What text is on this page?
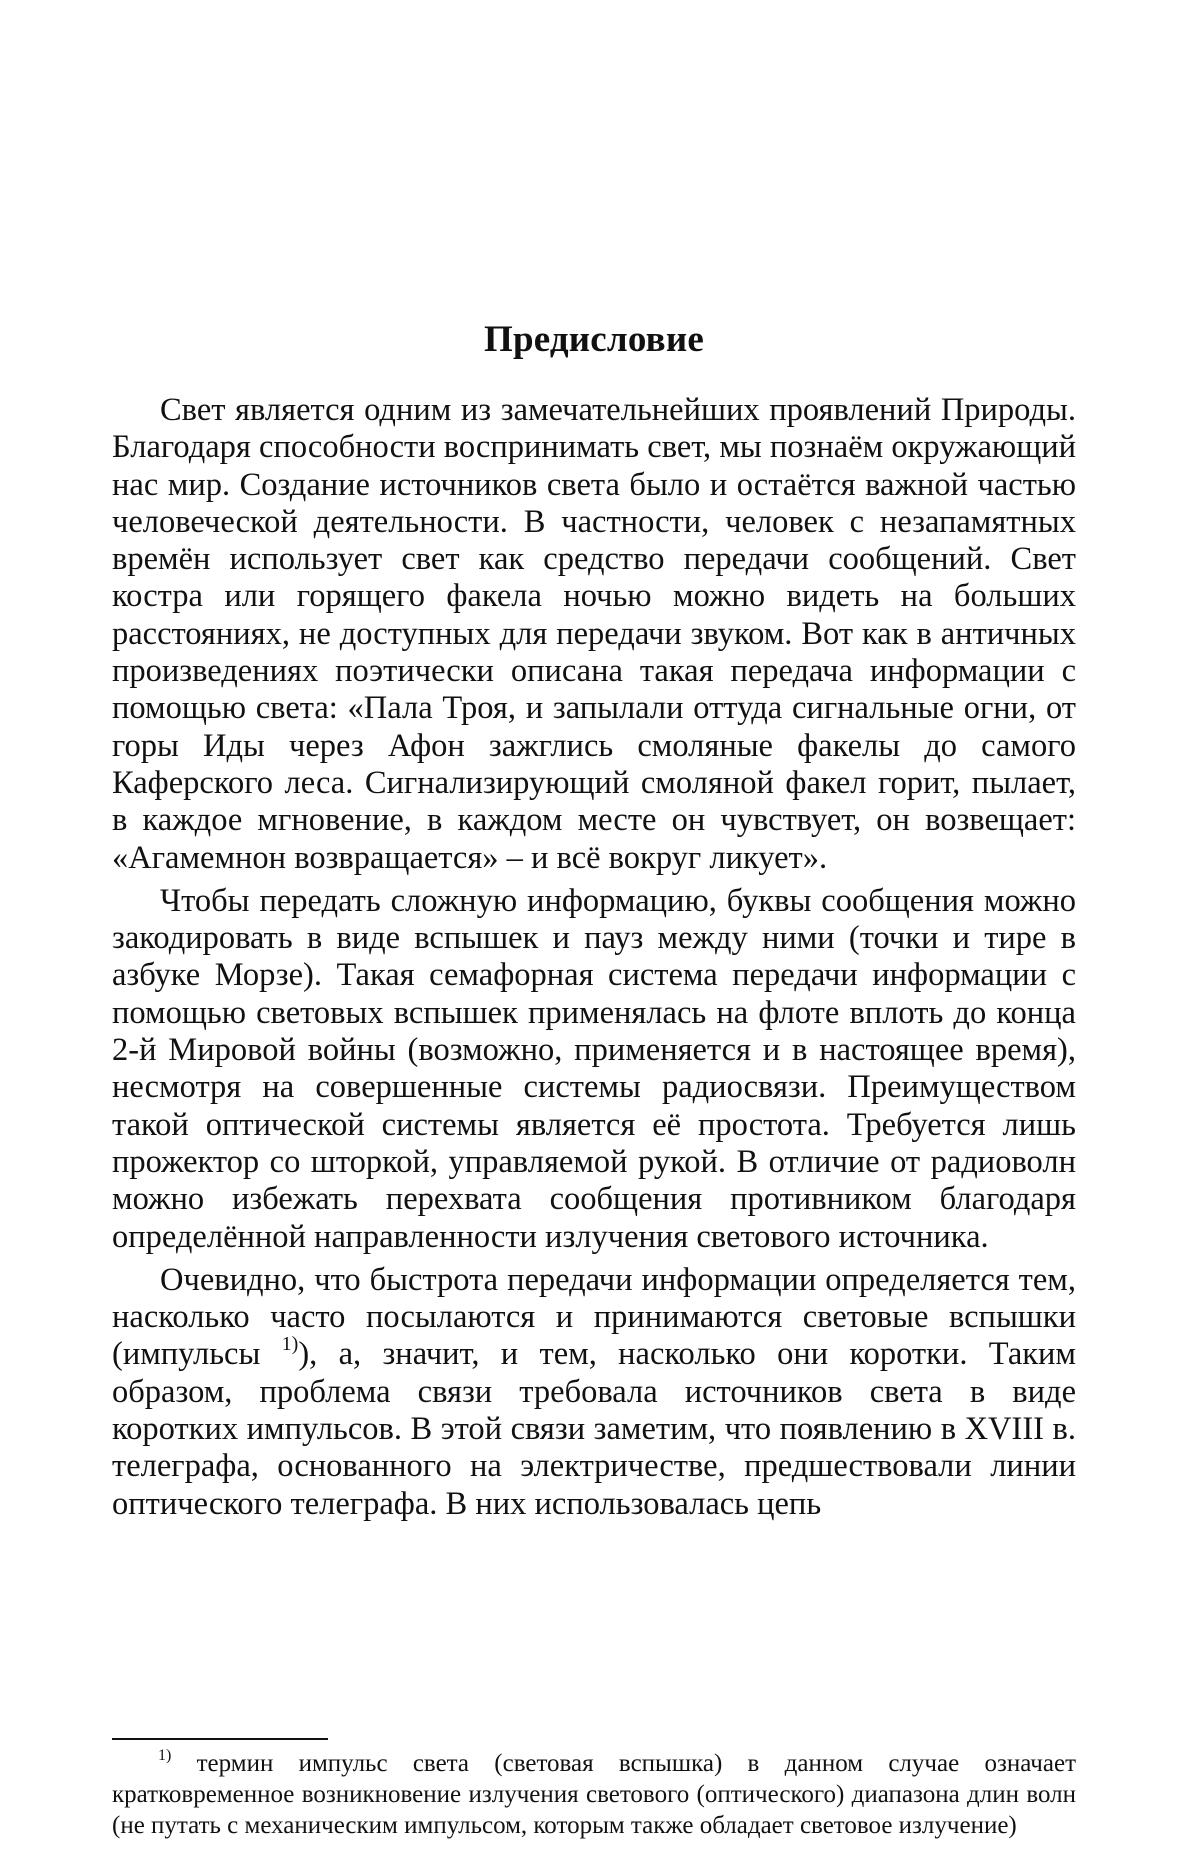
Предисловие

Свет является одним из замечательнейших проявлений Природы. Благодаря способности воспринимать свет, мы познаём окружающий нас мир. Создание источников света было и остаётся важной частью человеческой деятельности. В частности, человек с незапамятных времён использует свет как средство передачи сообщений. Свет костра или горящего факела ночью можно видеть на больших расстояниях, не доступных для передачи звуком. Вот как в античных произведениях поэтически описана такая передача информации с помощью света: «Пала Троя, и запылали оттуда сигнальные огни, от горы Иды через Афон зажглись смоляные факелы до самого Каферского леса. Сигнализирующий смоляной факел горит, пылает, в каждое мгновение, в каждом месте он чувствует, он возвещает: «Агамемнон возвращается» – и всё вокруг ликует».

Чтобы передать сложную информацию, буквы сообщения можно закодировать в виде вспышек и пауз между ними (точки и тире в азбуке Морзе). Такая семафорная система передачи информации с помощью световых вспышек применялась на флоте вплоть до конца 2-й Мировой войны (возможно, применяется и в настоящее время), несмотря на совершенные системы радиосвязи. Преимуществом такой оптической системы является её простота. Требуется лишь прожектор со шторкой, управляемой рукой. В отличие от радиоволн можно избежать перехвата сообщения противником благодаря определённой направленности излучения светового источника.

Очевидно, что быстрота передачи информации определяется тем, насколько часто посылаются и принимаются световые вспышки (импульсы $^{1)}$), а, значит, и тем, насколько они коротки. Таким образом, проблема связи требовала источников света в виде коротких импульсов. В этой связи заметим, что появлению в XVIII в. телеграфа, основанного на электричестве, предшествовали линии оптического телеграфа. В них использовалась цепь

$^{1)}$ термин импульс света (световая вспышка) в данном случае означает кратковременное возникновение излучения светового (оптического) диапазона длин волн (не путать с механическим импульсом, которым также обладает световое излучение)
